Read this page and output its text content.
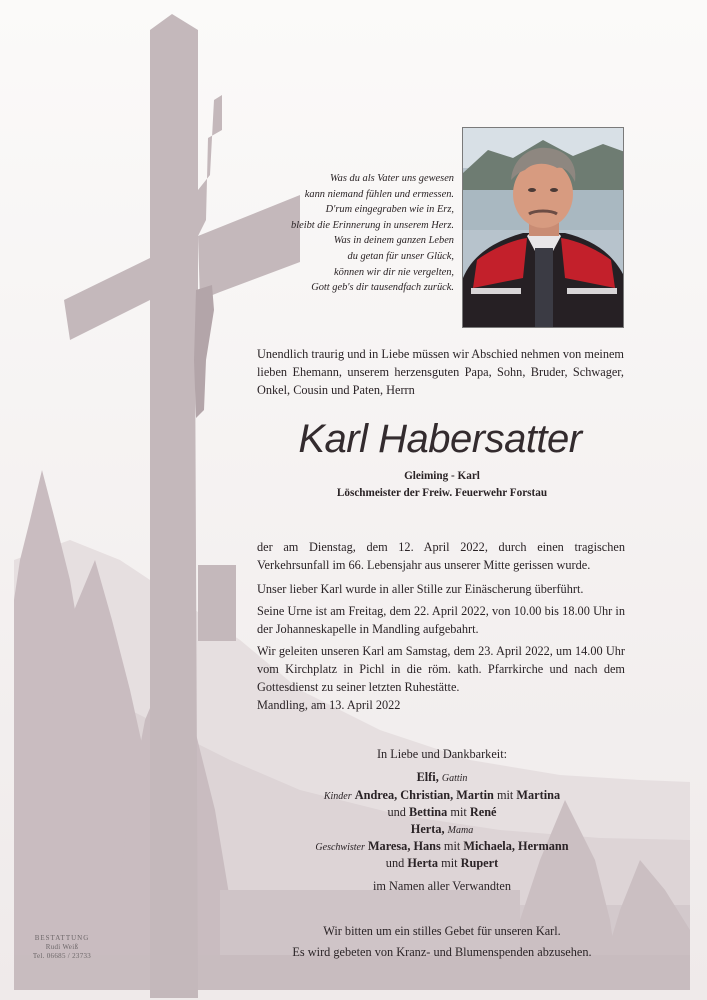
Was du als Vater uns gewesen
kann niemand fühlen und ermessen.
D'rum eingegraben wie in Erz,
bleibt die Erinnerung in unserem Herz.
Was in deinem ganzen Leben
du getan für unser Glück,
können wir dir nie vergelten,
Gott geb's dir tausendfach zurück.
Unendlich traurig und in Liebe müssen wir Abschied nehmen von meinem lieben Ehemann, unserem herzensguten Papa, Sohn, Bruder, Schwager, Onkel, Cousin und Paten, Herrn
Karl Habersatter
Gleiming - Karl
Löschmeister der Freiw. Feuerwehr Forstau
der am Dienstag, dem 12. April 2022, durch einen tragischen Verkehrsunfall im 66. Lebensjahr aus unserer Mitte gerissen wurde.
Unser lieber Karl wurde in aller Stille zur Einäscherung überführt.
Seine Urne ist am Freitag, dem 22. April 2022, von 10.00 bis 18.00 Uhr in der Johanneskapelle in Mandling aufgebahrt.
Wir geleiten unseren Karl am Samstag, dem 23. April 2022, um 14.00 Uhr vom Kirchplatz in Pichl in die röm. kath. Pfarrkirche und nach dem Gottesdienst zu seiner letzten Ruhestätte.
Mandling, am 13. April 2022
In Liebe und Dankbarkeit:
Elfi, Gattin
Kinder Andrea, Christian, Martin mit Martina
und Bettina mit René
Herta, Mama
Geschwister Maresa, Hans mit Michaela, Hermann
und Herta mit Rupert
im Namen aller Verwandten
Wir bitten um ein stilles Gebet für unseren Karl.
Es wird gebeten von Kranz- und Blumenspenden abzusehen.
BESTATTUNG
Rudi Weiß
Tel. 06685 / 23733
